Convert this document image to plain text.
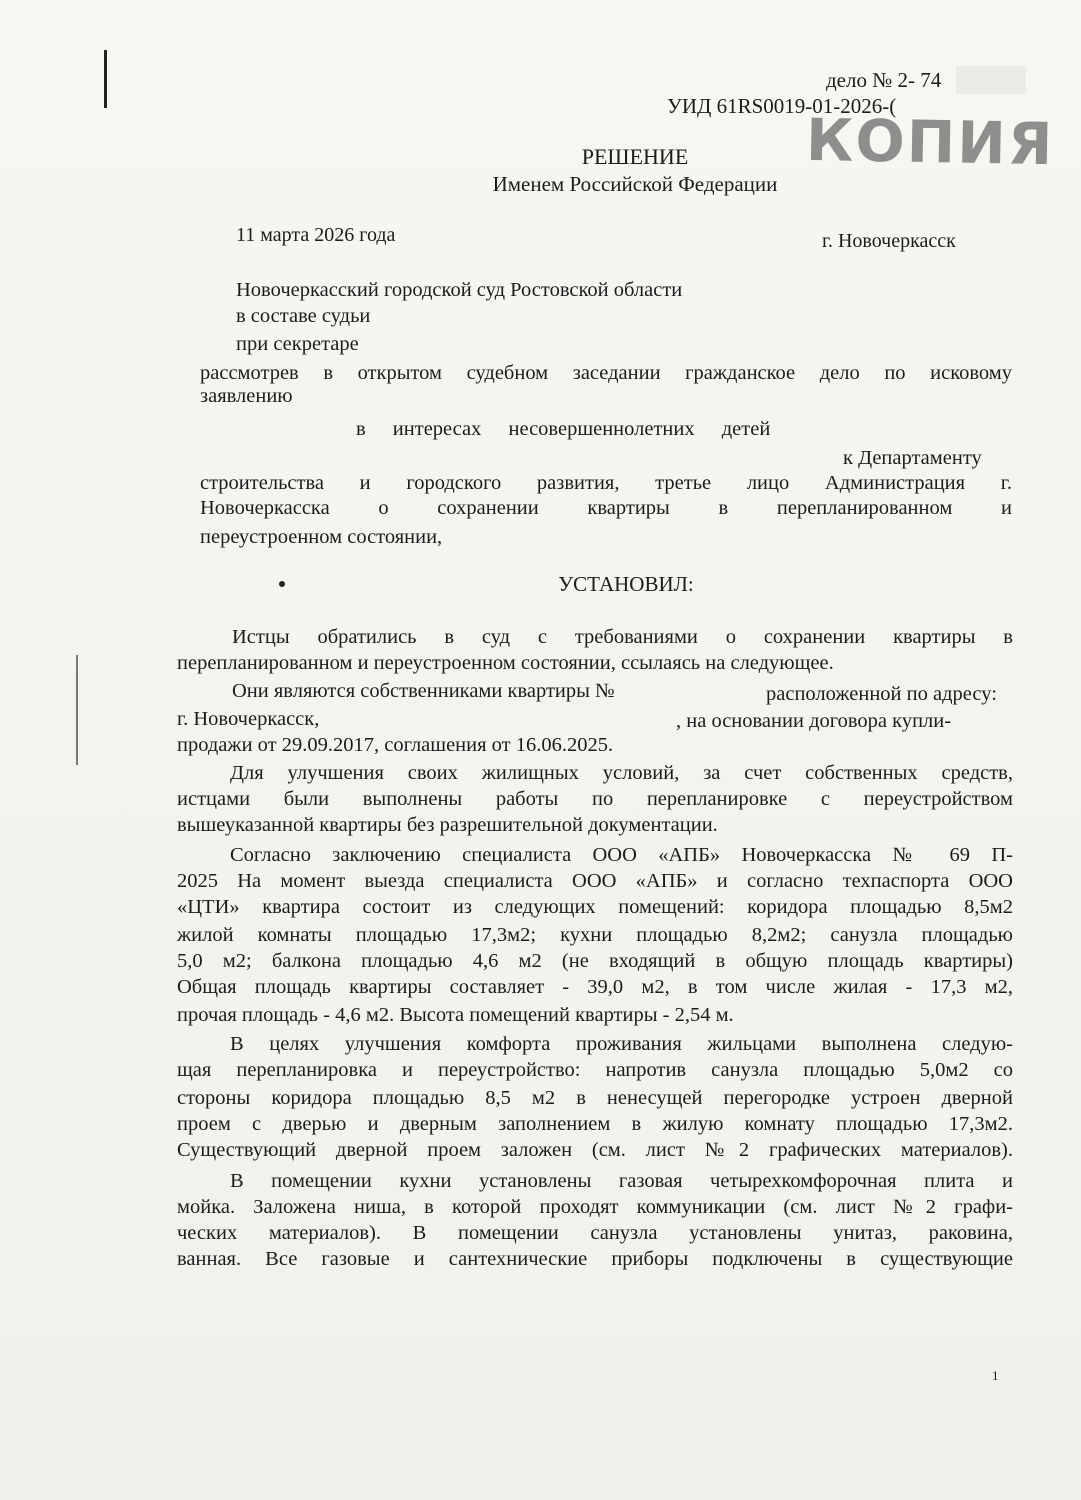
дело № 2- 74
УИД 61RS0019-01-2026-(
КОПИЯ
РЕШЕНИЕ
Именем Российской Федерации
11 марта 2026 года	г. Новочеркасск
Новочеркасский городской суд Ростовской области
в составе судьи
при секретаре
рассмотрев в открытом судебном заседании гражданское дело по исковому
заявлению
в интересах несовершеннолетних детей
к Департаменту
строительства и городского развития, третье лицо Администрация г.
Новочеркасска о сохранении квартиры в перепланированном и
переустроенном состоянии,
УСТАНОВИЛ:
Истцы обратились в суд с требованиями о сохранении квартиры в
перепланированном и переустроенном состоянии, ссылаясь на следующее.
Они являются собственниками квартиры №	расположенной по адресу:
г. Новочеркасск,	, на основании договора купли-
продажи от 29.09.2017, соглашения от 16.06.2025.
Для улучшения своих жилищных условий, за счет собственных средств,
истцами были выполнены работы по перепланировке с переустройством
вышеуказанной квартиры без разрешительной документации.
Согласно заключению специалиста ООО «АПБ» Новочеркасска № 69 П-
2025 На момент выезда специалиста ООО «АПБ» и согласно техпаспорта ООО
«ЦТИ» квартира состоит из следующих помещений: коридора площадью 8,5м2
жилой комнаты площадью 17,3м2; кухни площадью 8,2м2; санузла площадью
5,0 м2; балкона площадью 4,6 м2 (не входящий в общую площадь квартиры)
Общая площадь квартиры составляет - 39,0 м2, в том числе жилая - 17,3 м2,
прочая площадь - 4,6 м2. Высота помещений квартиры - 2,54 м.
В целях улучшения комфорта проживания жильцами выполнена следую-
щая перепланировка и переустройство: напротив санузла площадью 5,0м2 со
стороны коридора площадью 8,5 м2 в ненесущей перегородке устроен дверной
проем с дверью и дверным заполнением в жилую комнату площадью 17,3м2.
Существующий дверной проем заложен (см. лист №2 графических материалов).
В помещении кухни установлены газовая четырехкомфорочная плита и
мойка. Заложена ниша, в которой проходят коммуникации (см. лист №2 графи-
ческих материалов). В помещении санузла установлены унитаз, раковина,
ванная. Все газовые и сантехнические приборы подключены в существующие
1
